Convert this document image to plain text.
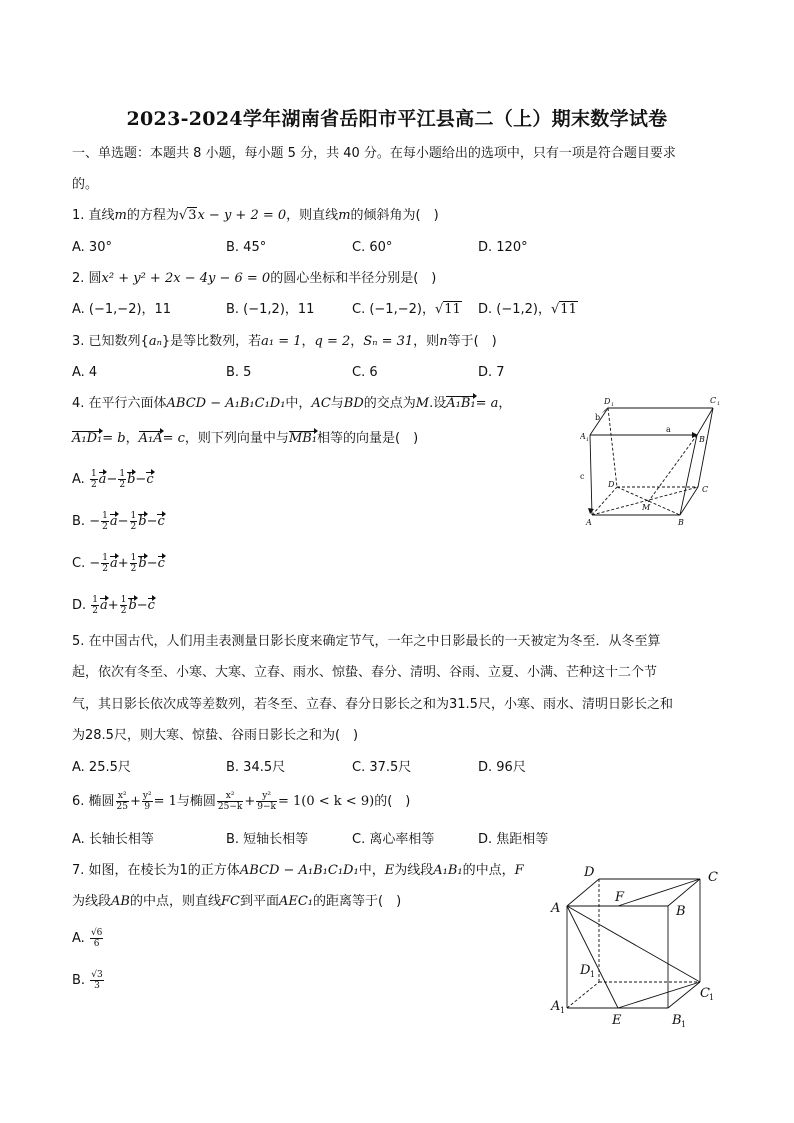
2023-2024学年湖南省岳阳市平江县高二（上）期末数学试卷
一、单选题：本题共 8 小题，每小题 5 分，共 40 分。在每小题给出的选项中，只有一项是符合题目要求
的。
1. 直线m的方程为√3x − y + 2 = 0，则直线m的倾斜角为(　)
A. 30°	B. 45°	C. 60°	D. 120°
2. 圆x² + y² + 2x − 4y − 6 = 0的圆心坐标和半径分别是(　)
A. (−1,−2)，11	B. (−1,2)，11	C. (−1,−2)，√11 D. (−1,2)，√11
3. 已知数列{aₙ}是等比数列，若a₁ = 1，q = 2，Sₙ = 31，则n等于(　)
A. 4	B. 5	C. 6	D. 7
4. 在平行六面体ABCD − A₁B₁C₁D₁中，AC与BD的交点为M.设A₁B₁= a，
A₁D₁= b，A₁A= c，则下列向量中与MB₁相等的向量是(　)
A. $\frac{1}{2} a- \frac{1}{2} b-c$
B. − $\frac{1}{2} a- \frac{1}{2} b-c$
C. − $\frac{1}{2} a+ \frac{1}{2} b-c$
D. $\frac{1}{2} a+ \frac{1}{2} b-c$
D 1	C 1
b
A 1
a
B 1
c
D
C
M
A	B
5. 在中国古代，人们用圭表测量日影长度来确定节气，一年之中日影最长的一天被定为冬至．从冬至算
起，依次有冬至、小寒、大寒、立春、雨水、惊蛰、春分、清明、谷雨、立夏、小满、芒种这十二个节
气，其日影长依次成等差数列，若冬至、立春、春分日影长之和为31.5尺，小寒、雨水、清明日影长之和
为28.5尺，则大寒、惊蛰、谷雨日影长之和为(　)
A. 25.5尺	B. 34.5尺	C. 37.5尺	D. 96尺
6. 椭圆 $\frac{\text{x²}}{25} + \frac{\text{y²}}{9} = 1$与椭圆 $\frac{\text{x²}}{25-k} + \frac{\text{y²}}{9-k} = 1(0 < k < 9)$的(　)
A. 长轴长相等	B. 短轴长相等	C. 离心率相等	D. 焦距相等
7. 如图，在棱长为1的正方体ABCD − A₁B₁C₁D₁中，E为线段A₁B₁的中点，F
为线段AB的中点，则直线FC到平面AEC₁的距离等于(　)
A. $\frac{√6}{6}$
B. $\frac{√3}{3}$
D	C
F
A	B
D 1
C 1
A 1
E	B 1
